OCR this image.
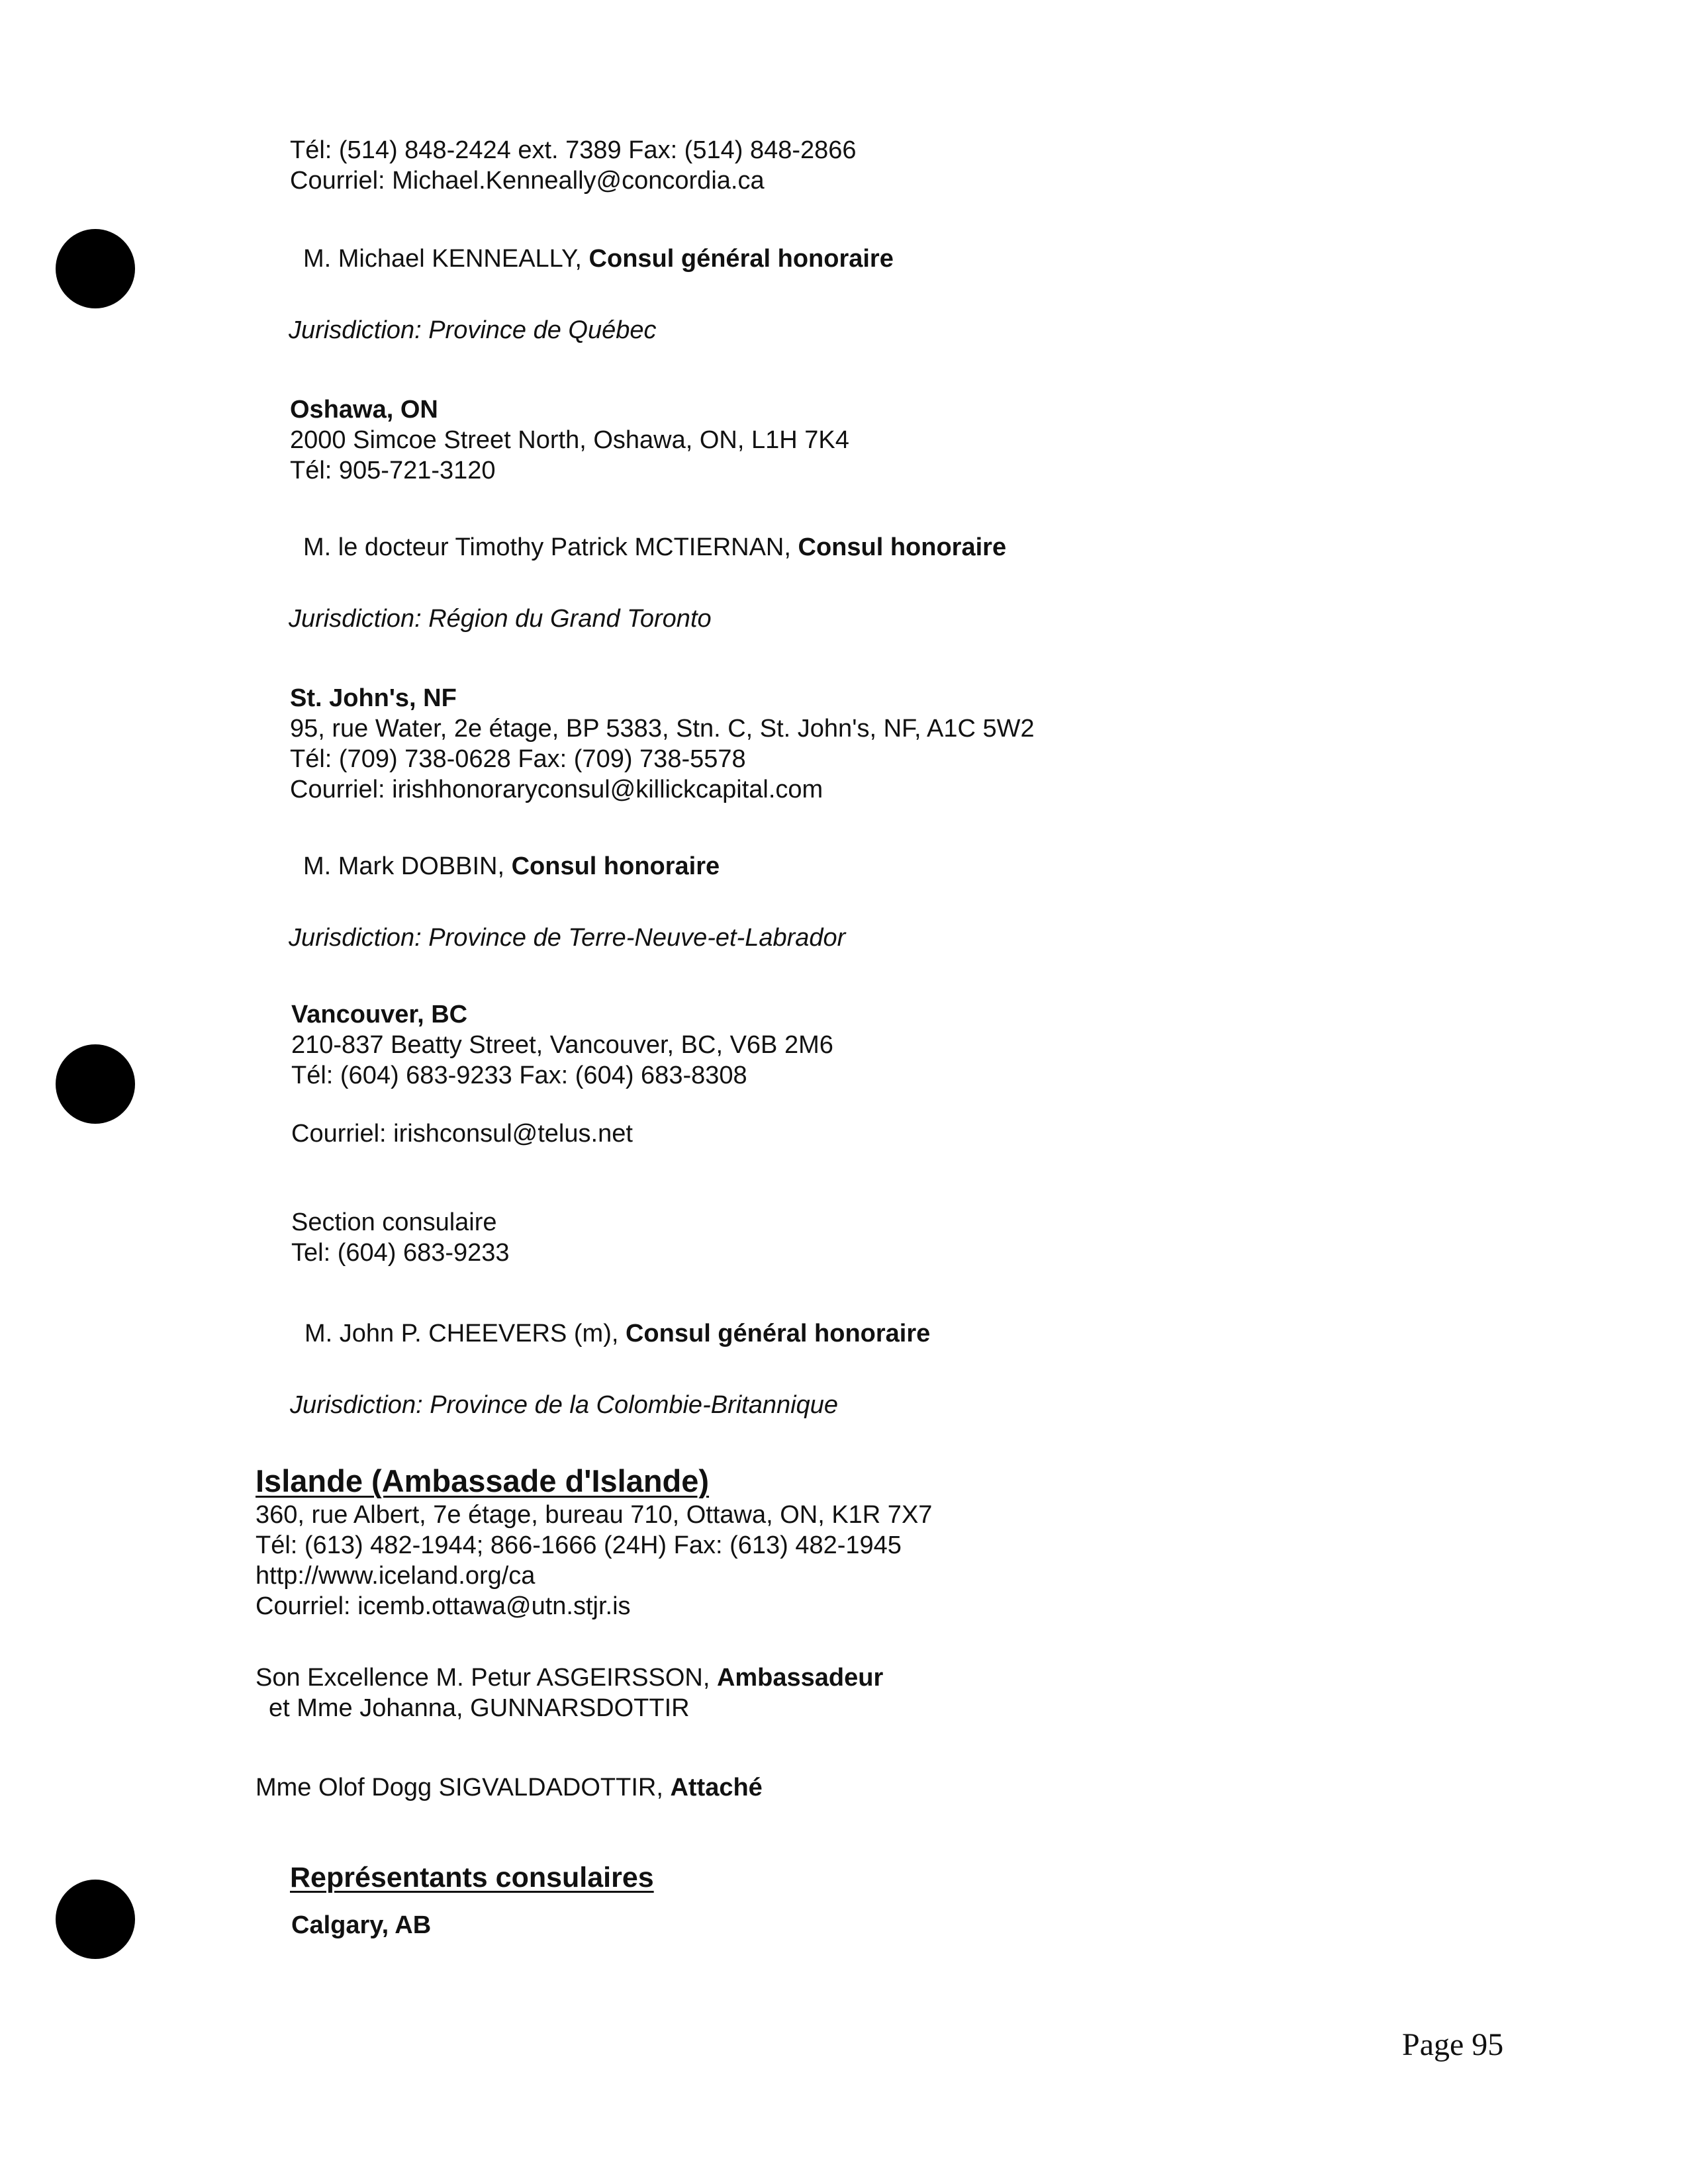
Tél: (514) 848-2424 ext. 7389 Fax: (514) 848-2866
Courriel: Michael.Kenneally@concordia.ca
M. Michael KENNEALLY, Consul général honoraire
Jurisdiction: Province de Québec
Oshawa, ON
2000 Simcoe Street North, Oshawa, ON, L1H 7K4
Tél: 905-721-3120
M. le docteur Timothy Patrick MCTIERNAN, Consul honoraire
Jurisdiction: Région du Grand Toronto
St. John's, NF
95, rue Water, 2e étage, BP 5383, Stn. C, St. John's, NF, A1C 5W2
Tél: (709) 738-0628 Fax: (709) 738-5578
Courriel: irishhonoraryconsul@killickcapital.com
M. Mark DOBBIN, Consul honoraire
Jurisdiction: Province de Terre-Neuve-et-Labrador
Vancouver, BC
210-837 Beatty Street, Vancouver, BC, V6B 2M6
Tél: (604) 683-9233 Fax: (604) 683-8308
Courriel: irishconsul@telus.net
Section consulaire
Tel: (604) 683-9233
M. John P. CHEEVERS (m), Consul général honoraire
Jurisdiction: Province de la Colombie-Britannique
Islande (Ambassade d'Islande)
360, rue Albert, 7e étage, bureau 710, Ottawa, ON, K1R 7X7
Tél: (613) 482-1944; 866-1666 (24H) Fax: (613) 482-1945
http://www.iceland.org/ca
Courriel: icemb.ottawa@utn.stjr.is
Son Excellence M. Petur ASGEIRSSON, Ambassadeur
et Mme Johanna, GUNNARSDOTTIR
Mme Olof Dogg SIGVALDADOTTIR, Attaché
Représentants consulaires
Calgary, AB
Page 95
